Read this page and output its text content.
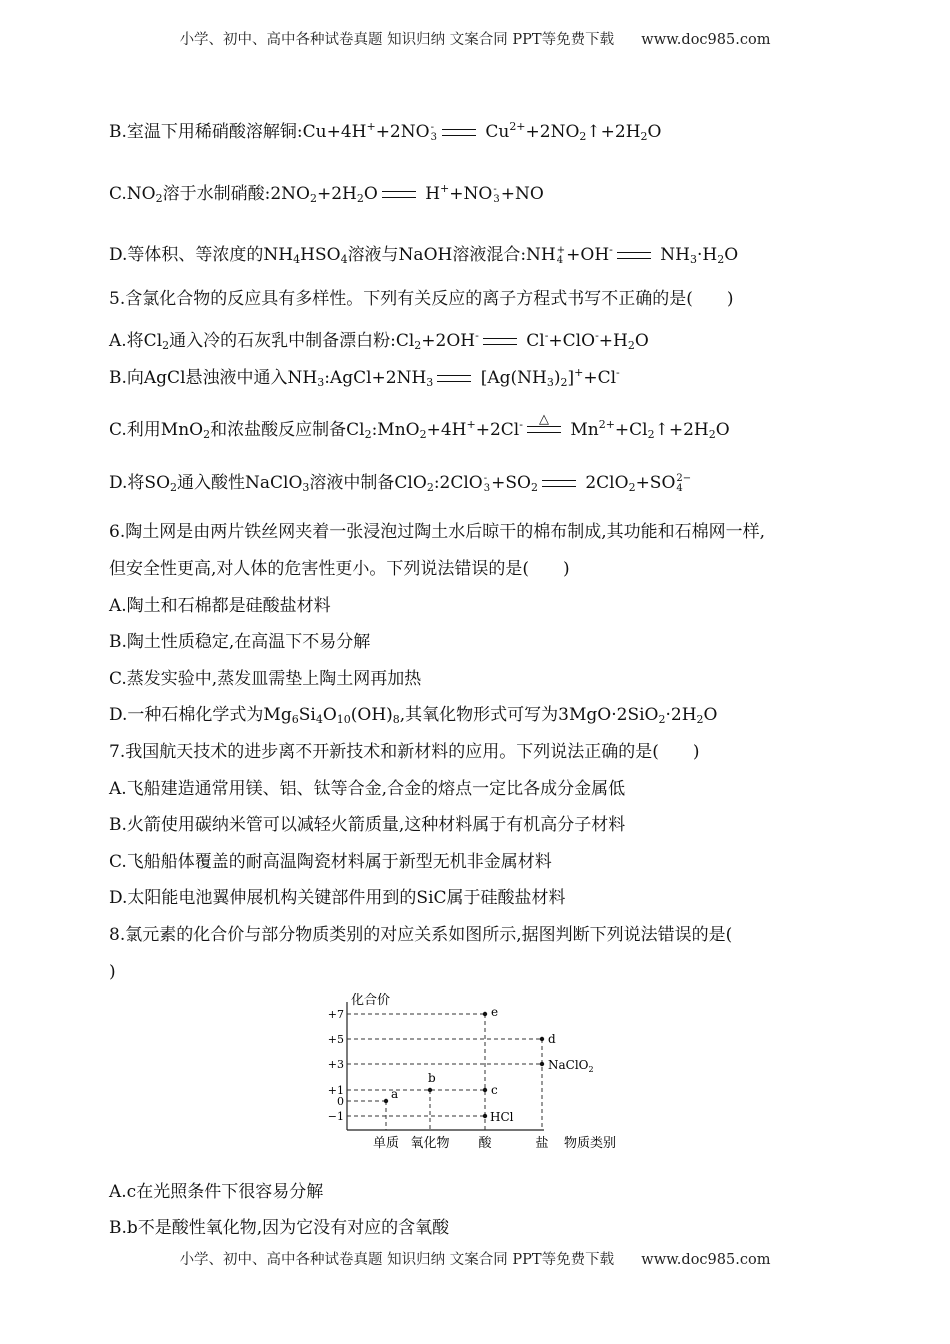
小学、初中、高中各种试卷真题 知识归纳 文案合同 PPT等免费下载 www.doc985.com
B.室温下用稀硝酸溶解铜:Cu+4H++2NO -
3	$Cu^{2+}+2NO_2↑+2H_2O$
$C.NO_2$溶于水制硝酸$:2NO_2+2H_2O$ H++NO -
3 +NO
D.等体积、等浓度的$NH_4HSO_4$溶液与NaOH溶液混合:NH +
4 +OH- $NH_3\cdot H_2O$
5.含氯化合物的反应具有多样性。下列有关反应的离子方程式书写不正确的是(　　)
A.将$Cl_2$通入冷的石灰乳中制备漂白粉$:Cl_2+2OH^-$ $Cl^-+ClO^-+H_2O$
B.向AgCl悬浊液中通入$NH_3:AgCl+2NH_3$ $[Ag(NH_3)_2]^++Cl^-$
C.利用MnO$_2$和浓盐酸反应制备$Cl_2:MnO_2+4H^++2Cl^-$ △
$Mn^{2+}+Cl_2↑+2H_2O$
D.将$SO_2$通入酸性NaClO$_3$溶液中制备ClO$_2$:2ClO -
$3 +SO_2$ 2ClO$_2$+SO 2−
4
6.陶土网是由两片铁丝网夹着一张浸泡过陶土水后晾干的棉布制成,其功能和石棉网一样,
但安全性更高,对人体的危害性更小。下列说法错误的是(　　)
A.陶土和石棉都是硅酸盐材料
B.陶土性质稳定,在高温下不易分解
C.蒸发实验中,蒸发皿需垫上陶土网再加热
D.一种石棉化学式为$Mg_6Si_4O_{10}(OH)_8$,其氧化物形式可写为$3MgO\cdot 2SiO_2\cdot 2H_2O$
7.我国航天技术的进步离不开新技术和新材料的应用。下列说法正确的是(　　)
A.飞船建造通常用镁、铝、钛等合金,合金的熔点一定比各成分金属低
B.火箭使用碳纳米管可以减轻火箭质量,这种材料属于有机高分子材料
C.飞船船体覆盖的耐高温陶瓷材料属于新型无机非金属材料
D.太阳能电池翼伸展机构关键部件用到的SiC属于硅酸盐材料
8.氯元素的化合价与部分物质类别的对应关系如图所示,据图判断下列说法错误的是(
)
化合价
+7
+5
+3
+1
0
−1
单质 氧化物 酸	盐 物质类别
a
b
c
e
HCl
d
NaClO$_2$
A.c在光照条件下很容易分解
B.b不是酸性氧化物,因为它没有对应的含氧酸
小学、初中、高中各种试卷真题 知识归纳 文案合同 PPT等免费下载 www.doc985.com
